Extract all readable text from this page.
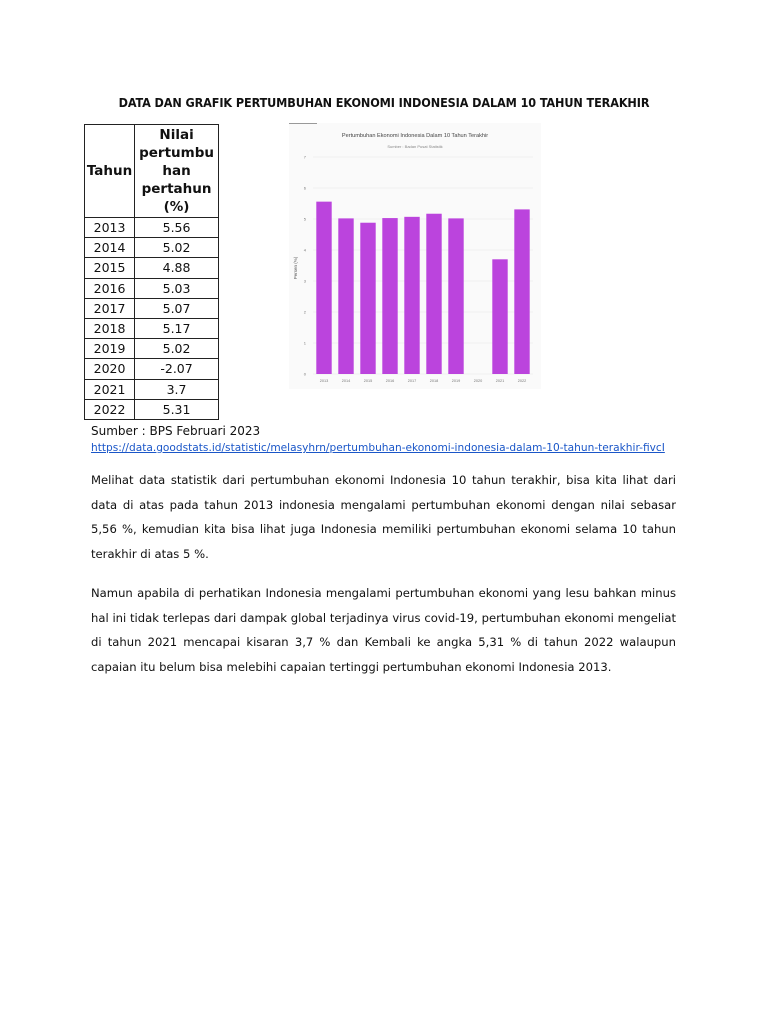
DATA DAN GRAFIK PERTUMBUHAN EKONOMI INDONESIA DALAM 10 TAHUN TERAKHIR
Tahun	Nilai
pertumbu
han
pertahun
(%)
2013	5.56
2014	5.02
2015	4.88
2016	5.03
2017	5.07
2018	5.17
2019	5.02
2020	-2.07
2021	3.7
2022	5.31
0
1
2
3
4
5
6
7
2013	2014	2015	2016	2017	2018	2019	2020	2021	2022
Pertumbuhan Ekonomi Indonesia Dalam 10 Tahun Terakhir
Sumber : Badan Pusat Statistik
Persen (%)
Sumber : BPS Februari 2023
https://data.goodstats.id/statistic/melasyhrn/pertumbuhan-ekonomi-indonesia-dalam-10-tahun-terakhir-fivcI

Melihat data statistik dari pertumbuhan ekonomi Indonesia 10 tahun terakhir, bisa kita lihat dari data di atas pada tahun 2013 indonesia mengalami pertumbuhan ekonomi dengan nilai sebasar 5,56 %, kemudian kita bisa lihat juga Indonesia memiliki pertumbuhan ekonomi selama 10 tahun terakhir di atas 5 %.

Namun apabila di perhatikan Indonesia mengalami pertumbuhan ekonomi yang lesu bahkan minus hal ini tidak terlepas dari dampak global terjadinya virus covid-19, pertumbuhan ekonomi mengeliat di tahun 2021 mencapai kisaran 3,7 % dan Kembali ke angka 5,31 % di tahun 2022 walaupun capaian itu belum bisa melebihi capaian tertinggi pertumbuhan ekonomi Indonesia 2013.
